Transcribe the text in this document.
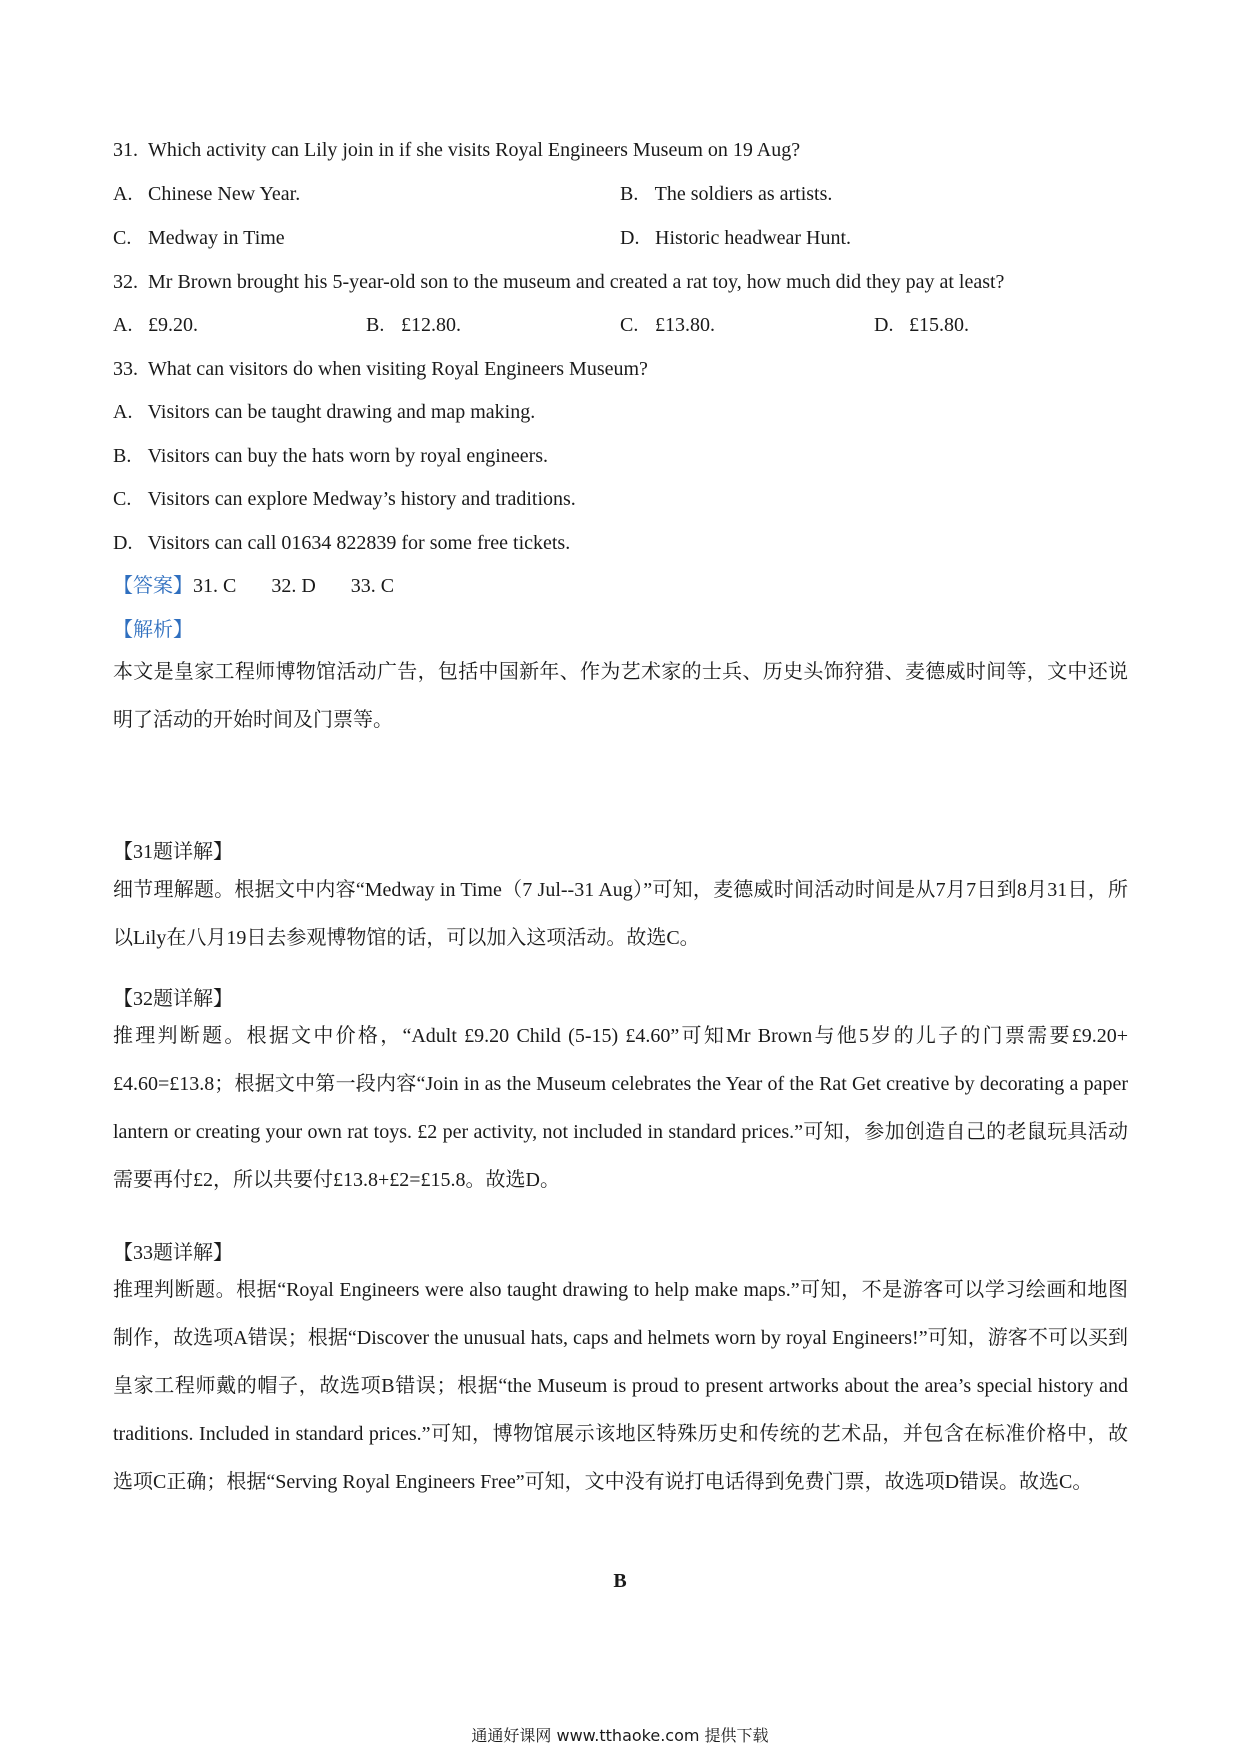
31.  Which activity can Lily join in if she visits Royal Engineers Museum on 19 Aug?
A. Chinese New Year.	B. The soldiers as artists.
C. Medway in Time	D. Historic headwear Hunt.
32.  Mr Brown brought his 5-year-old son to the museum and created a rat toy, how much did they pay at least?
A. £9.20.	B. £12.80.	C. £13.80.	D. £15.80.
33.  What can visitors do when visiting Royal Engineers Museum?
A. Visitors can be taught drawing and map making.
B. Visitors can buy the hats worn by royal engineers.
C. Visitors can explore Medway’s history and traditions.
D. Visitors can call 01634 822839 for some free tickets.
【答案】31. C       32. D       33. C
【解析】
本文是皇家工程师博物馆活动广告，包括中国新年、作为艺术家的士兵、历史头饰狩猎、麦德威时间等，文中还说明了活动的开始时间及门票等。
【31题详解】
细节理解题。根据文中内容“Medway in Time（7 Jul--31 Aug）”可知，麦德威时间活动时间是从7月7日到8月31日，所以Lily在八月19日去参观博物馆的话，可以加入这项活动。故选C。
【32题详解】
推理判断题。根据文中价格，“Adult £9.20 Child (5-15) £4.60”可知Mr Brown与他5岁的儿子的门票需要£9.20+£4.60=£13.8；根据文中第一段内容“Join in as the Museum celebrates the Year of the Rat Get creative by decorating a paper lantern or creating your own rat toys. £2 per activity, not included in standard prices.”可知，参加创造自己的老鼠玩具活动需要再付£2，所以共要付£13.8+£2=£15.8。故选D。
【33题详解】
推理判断题。根据“Royal Engineers were also taught drawing to help make maps.”可知，不是游客可以学习绘画和地图制作，故选项A错误；根据“Discover the unusual hats, caps and helmets worn by royal Engineers!”可知，游客不可以买到皇家工程师戴的帽子，故选项B错误；根据“the Museum is proud to present artworks about the area’s special history and traditions. Included in standard prices.”可知，博物馆展示该地区特殊历史和传统的艺术品，并包含在标准价格中，故选项C正确；根据“Serving Royal Engineers Free”可知，文中没有说打电话得到免费门票，故选项D错误。故选C。
B
通通好课网 www.tthaoke.com 提供下载
